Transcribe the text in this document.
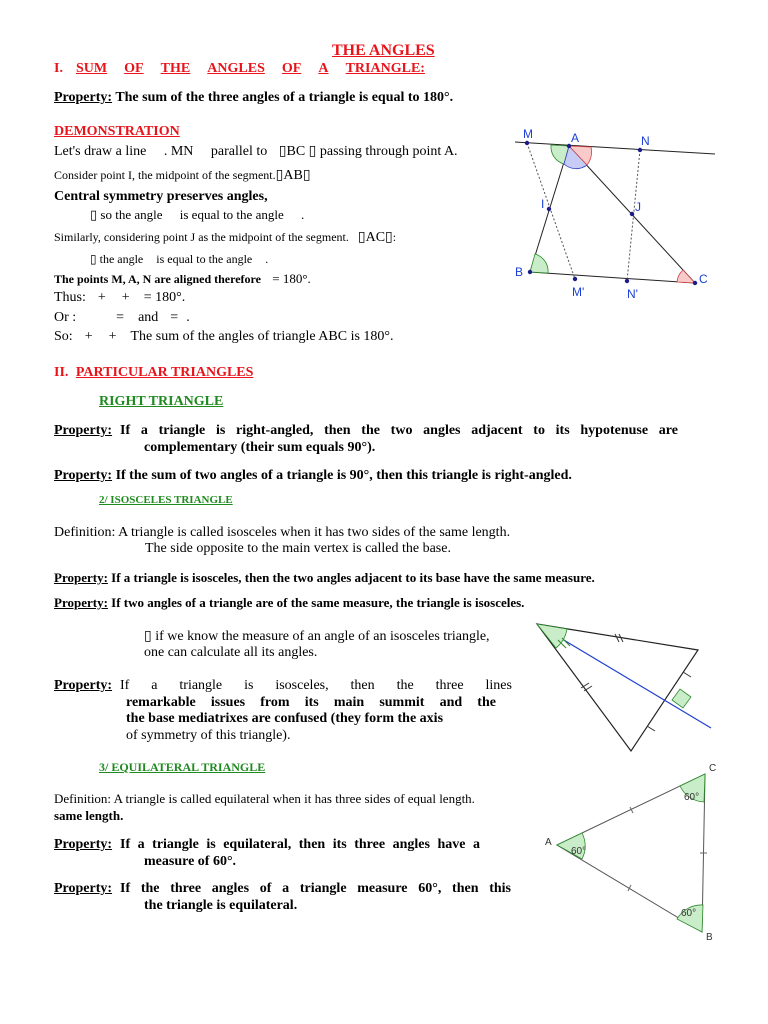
THE ANGLES
I. SUM OF THE ANGLES OF A TRIANGLE:
Property: The sum of the three angles of a triangle is equal to 180°.
DEMONSTRATION
Let's draw a line . MN parallel to ▯BC ▯ passing through point A.
Consider point I, the midpoint of the segment.▯AB▯
Central symmetry preserves angles,
▯ so the angle is equal to the angle .
Similarly, considering point J as the midpoint of the segment. ▯AC▯:
▯ the angle is equal to the angle .
The points M, A, N are aligned therefore = 180°.
Thus: + + = 180°.
Or :	= and = .
So: + + The sum of the angles of triangle ABC is 180°.
M	A	N
I	J
B	C
M'	N'
II. PARTICULAR TRIANGLES
RIGHT TRIANGLE
Property: If a triangle is right-angled, then the two angles adjacent to its hypotenuse are
complementary (their sum equals 90°).
Property: If the sum of two angles of a triangle is 90°, then this triangle is right-angled.
2/ ISOSCELES TRIANGLE
Definition: A triangle is called isosceles when it has two sides of the same length.
The side opposite to the main vertex is called the base.
Property: If a triangle is isosceles, then the two angles adjacent to its base have the same measure.
Property: If two angles of a triangle are of the same measure, the triangle is isosceles.
▯ if we know the measure of an angle of an isosceles triangle,
one can calculate all its angles.
Property: If a triangle is isosceles, then the three lines
remarkable issues from its main summit and the
the base mediatrixes are confused (they form the axis
of symmetry of this triangle).
3/ EQUILATERAL TRIANGLE
Definition: A triangle is called equilateral when it has three sides of equal length.
same length.
Property: If a triangle is equilateral, then its three angles have a
measure of 60°.
Property: If the three angles of a triangle measure 60°, then this
the triangle is equilateral.
A
C
B
60°
60°
60°
